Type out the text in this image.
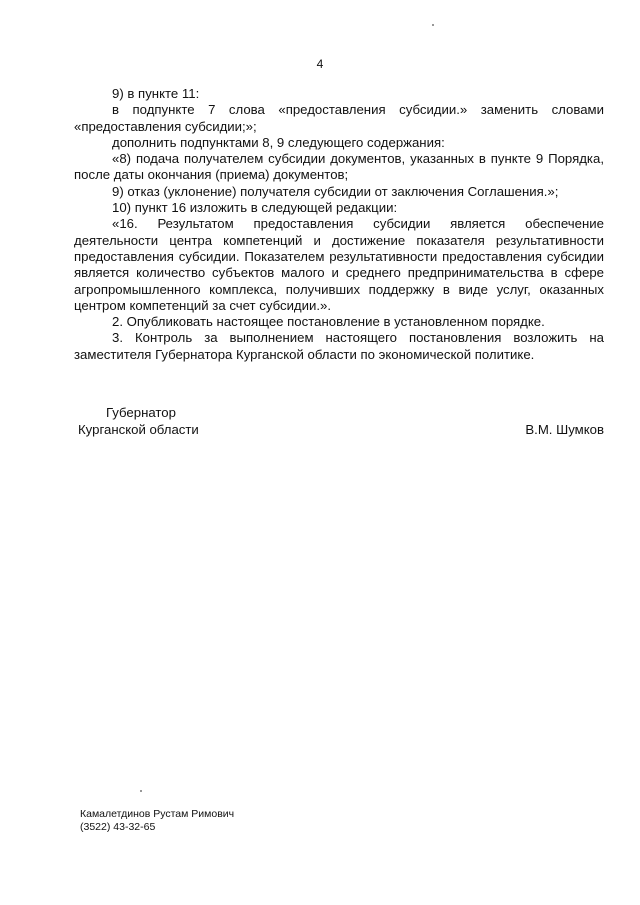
4

9) в пункте 11:

в подпункте 7 слова «предоставления субсидии.» заменить словами «предоставления субсидии;»;

дополнить подпунктами 8, 9 следующего содержания:

«8) подача получателем субсидии документов, указанных в пункте 9 Порядка, после даты окончания (приема) документов;

9) отказ (уклонение) получателя субсидии от заключения Соглашения.»;

10) пункт 16 изложить в следующей редакции:

«16. Результатом предоставления субсидии является обеспечение деятельности центра компетенций и достижение показателя результативности предоставления субсидии. Показателем результативности предоставления субсидии является количество субъектов малого и среднего предпринимательства в сфере агропромышленного комплекса, получивших поддержку в виде услуг, оказанных центром компетенций за счет субсидии.».

2. Опубликовать настоящее постановление в установленном порядке.

3. Контроль за выполнением настоящего постановления возложить на заместителя Губернатора Курганской области по экономической политике.

Губернатор
Курганской области	В.М. Шумков
Камалетдинов Рустам Римович
(3522) 43-32-65
